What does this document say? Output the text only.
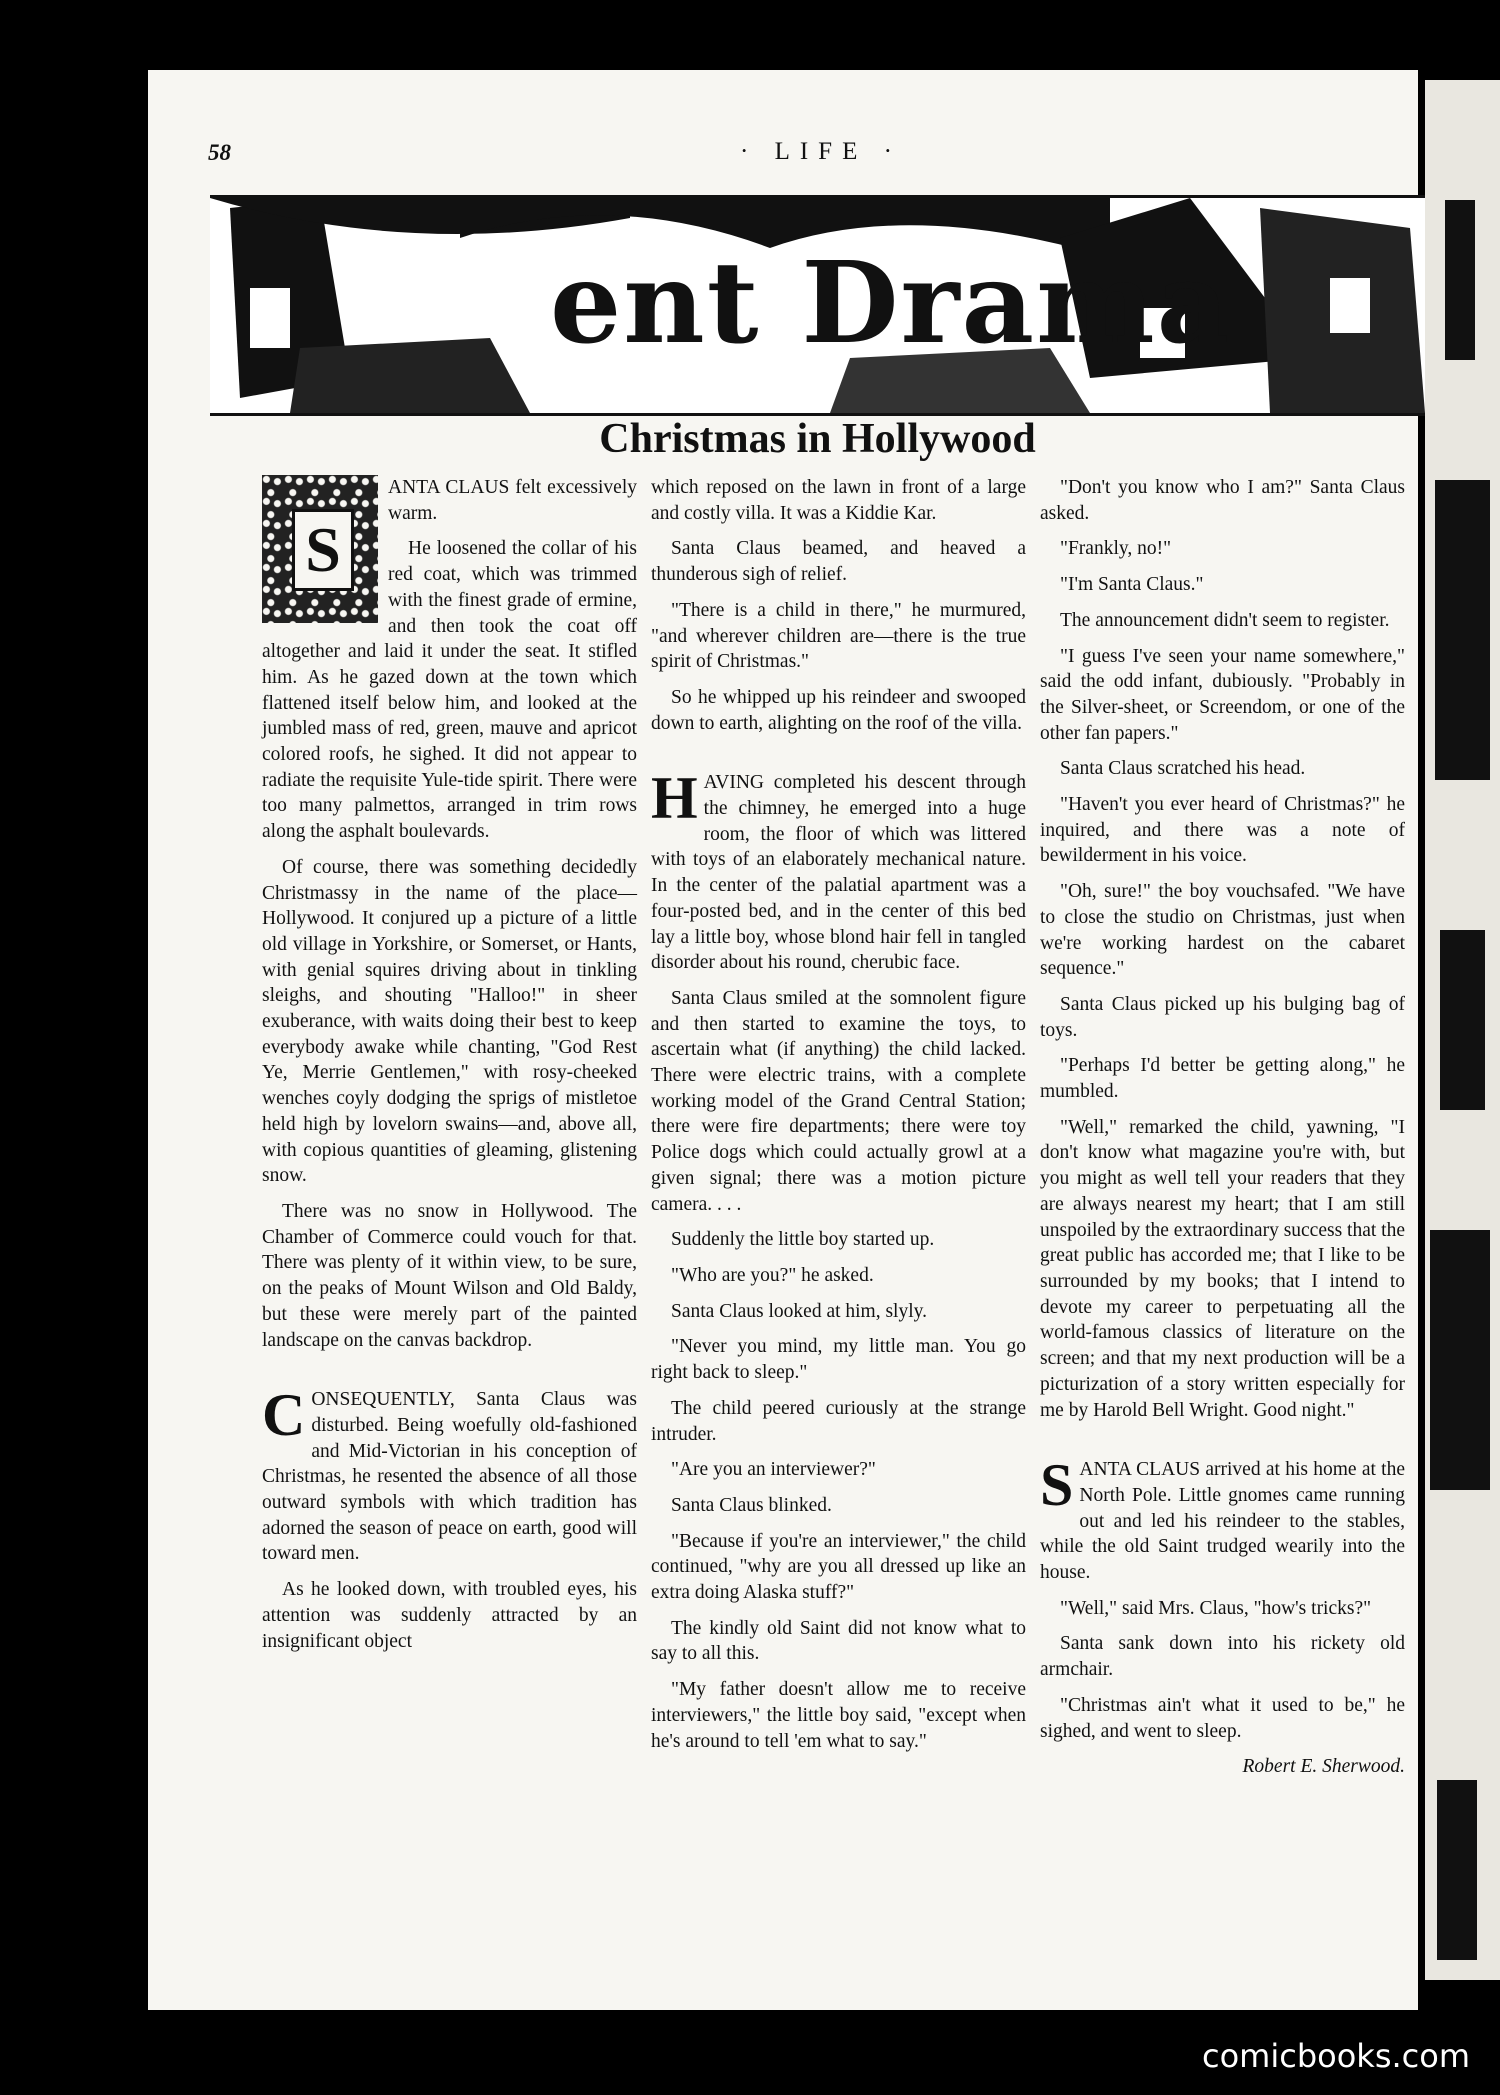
58	· LIFE ·
ent Drama
Christmas in Hollywood
S

ANTA CLAUS felt excessively warm.

He loosened the collar of his red coat, which was trimmed with the finest grade of ermine, and then took the coat off altogether and laid it under the seat. It stifled him. As he gazed down at the town which flattened itself below him, and looked at the jumbled mass of red, green, mauve and apricot colored roofs, he sighed. It did not appear to radiate the requisite Yule-tide spirit. There were too many palmettos, arranged in trim rows along the asphalt boulevards.

Of course, there was something decidedly Christmassy in the name of the place—Hollywood. It conjured up a picture of a little old village in Yorkshire, or Somerset, or Hants, with genial squires driving about in tinkling sleighs, and shouting "Halloo!" in sheer exuberance, with waits doing their best to keep everybody awake while chanting, "God Rest Ye, Merrie Gentlemen," with rosy-cheeked wenches coyly dodging the sprigs of mistletoe held high by lovelorn swains—and, above all, with copious quantities of gleaming, glistening snow.

There was no snow in Hollywood. The Chamber of Commerce could vouch for that. There was plenty of it within view, to be sure, on the peaks of Mount Wilson and Old Baldy, but these were merely part of the painted landscape on the canvas backdrop.

CONSEQUENTLY, Santa Claus was disturbed. Being woefully old-fashioned and Mid-Victorian in his conception of Christmas, he resented the absence of all those outward symbols with which tradition has adorned the season of peace on earth, good will toward men.

As he looked down, with troubled eyes, his attention was suddenly attracted by an insignificant object

which reposed on the lawn in front of a large and costly villa. It was a Kiddie Kar.

Santa Claus beamed, and heaved a thunderous sigh of relief.

"There is a child in there," he murmured, "and wherever children are—there is the true spirit of Christmas."

So he whipped up his reindeer and swooped down to earth, alighting on the roof of the villa.

HAVING completed his descent through the chimney, he emerged into a huge room, the floor of which was littered with toys of an elaborately mechanical nature. In the center of the palatial apartment was a four-posted bed, and in the center of this bed lay a little boy, whose blond hair fell in tangled disorder about his round, cherubic face.

Santa Claus smiled at the somnolent figure and then started to examine the toys, to ascertain what (if anything) the child lacked. There were electric trains, with a complete working model of the Grand Central Station; there were fire departments; there were toy Police dogs which could actually growl at a given signal; there was a motion picture camera. . . .

Suddenly the little boy started up.

"Who are you?" he asked.

Santa Claus looked at him, slyly.

"Never you mind, my little man. You go right back to sleep."

The child peered curiously at the strange intruder.

"Are you an interviewer?"

Santa Claus blinked.

"Because if you're an interviewer," the child continued, "why are you all dressed up like an extra doing Alaska stuff?"

The kindly old Saint did not know what to say to all this.

"My father doesn't allow me to receive interviewers," the little boy said, "except when he's around to tell 'em what to say."

"Don't you know who I am?" Santa Claus asked.

"Frankly, no!"

"I'm Santa Claus."

The announcement didn't seem to register.

"I guess I've seen your name somewhere," said the odd infant, dubiously. "Probably in the Silver-sheet, or Screendom, or one of the other fan papers."

Santa Claus scratched his head.

"Haven't you ever heard of Christmas?" he inquired, and there was a note of bewilderment in his voice.

"Oh, sure!" the boy vouchsafed. "We have to close the studio on Christmas, just when we're working hardest on the cabaret sequence."

Santa Claus picked up his bulging bag of toys.

"Perhaps I'd better be getting along," he mumbled.

"Well," remarked the child, yawning, "I don't know what magazine you're with, but you might as well tell your readers that they are always nearest my heart; that I am still unspoiled by the extraordinary success that the great public has accorded me; that I like to be surrounded by my books; that I intend to devote my career to perpetuating all the world-famous classics of literature on the screen; and that my next production will be a picturization of a story written especially for me by Harold Bell Wright. Good night."

SANTA CLAUS arrived at his home at the North Pole. Little gnomes came running out and led his reindeer to the stables, while the old Saint trudged wearily into the house.

"Well," said Mrs. Claus, "how's tricks?"

Santa sank down into his rickety old armchair.

"Christmas ain't what it used to be," he sighed, and went to sleep.

Robert E. Sherwood.
comicbooks.com
